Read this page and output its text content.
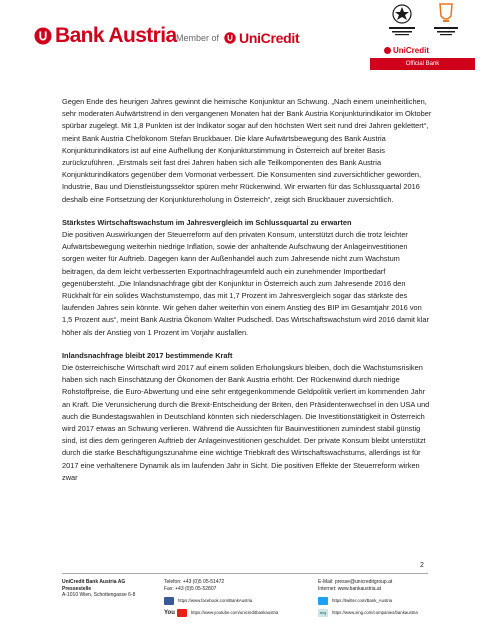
Bank Austria Member of UniCredit
UniCredit
Official Bank

Gegen Ende des heurigen Jahres gewinnt die heimische Konjunktur an Schwung. „Nach einem uneinheitlichen, sehr moderaten Aufwärtstrend in den vergangenen Monaten hat der Bank Austria Konjunkturindikator im Oktober spürbar zugelegt. Mit 1,8 Punkten ist der Indikator sogar auf den höchsten Wert seit rund drei Jahren geklettert“, meint Bank Austria Chefökonom Stefan Bruckbauer. Die klare Aufwärtsbewegung des Bank Austria Konjunkturindikators ist auf eine Aufhellung der Konjunkturstimmung in Österreich auf breiter Basis zurückzuführen. „Erstmals seit fast drei Jahren haben sich alle Teilkomponenten des Bank Austria Konjunkturindikators gegenüber dem Vormonat verbessert. Die Konsumenten sind zuversichtlicher geworden, Industrie, Bau und Dienstleistungssektor spüren mehr Rückenwind. Wir erwarten für das Schlussquartal 2016 deshalb eine Fortsetzung der Konjunkturerholung in Österreich“, zeigt sich Bruckbauer zuversichtlich.

Stärkstes Wirtschaftswachstum im Jahresvergleich im Schlussquartal zu erwarten

Die positiven Auswirkungen der Steuerreform auf den privaten Konsum, unterstützt durch die trotz leichter Aufwärtsbewegung weiterhin niedrige Inflation, sowie der anhaltende Aufschwung der Anlageinvestitionen sorgen weiter für Auftrieb. Dagegen kann der Außenhandel auch zum Jahresende nicht zum Wachstum beitragen, da dem leicht verbesserten Exportnachfrageumfeld auch ein zunehmender Importbedarf gegenübersteht. „Die Inlandsnachfrage gibt der Konjunktur in Österreich auch zum Jahresende 2016 den Rückhalt für ein solides Wachstumstempo, das mit 1,7 Prozent im Jahresvergleich sogar das stärkste des laufenden Jahres sein könnte. Wir gehen daher weiterhin von einem Anstieg des BIP im Gesamtjahr 2016 von 1,5 Prozent aus“, meint Bank Austria Ökonom Walter Pudschedl. Das Wirtschaftswachstum wird 2016 damit klar höher als der Anstieg von 1 Prozent im Vorjahr ausfallen.

Inlandsnachfrage bleibt 2017 bestimmende Kraft

Die österreichische Wirtschaft wird 2017 auf einem soliden Erholungskurs bleiben, doch die Wachstumsrisiken haben sich nach Einschätzung der Ökonomen der Bank Austria erhöht. Der Rückenwind durch niedrige Rohstoffpreise, die Euro-Abwertung und eine sehr entgegenkommende Geldpolitik verliert im kommenden Jahr an Kraft. Die Verunsicherung durch die Brexit-Entscheidung der Briten, den Präsidentenwechsel in den USA und auch die Bundestagswahlen in Deutschland könnten sich niederschlagen. Die Investitionstätigkeit in Österreich wird 2017 etwas an Schwung verlieren. Während die Aussichten für Bauinvestitionen zumindest stabil günstig sind, ist dies dem geringeren Auftrieb der Anlageinvestitionen geschuldet. Der private Konsum bleibt unterstützt durch die starke Beschäftigungszunahme eine wichtige Triebkraft des Wirtschaftswachstums, allerdings ist für 2017 eine verhaltenere Dynamik als im laufenden Jahr in Sicht. Die positiven Effekte der Steuerreform wirken zwar

2
UniCredit Bank Austria AG
Pressestelle
A-1010 Wien, Schottengasse 6-8
Telefon: +43 (0)5 05-51472
Fax: +43 (0)5 05-52807
https://www.facebook.com/BankAustria
You	https://www.youtube.com/unicreditbankaustria
E-Mail: presse@unicreditgroup.at
Internet: www.bankaustria.at
https://twitter.com/Bank_Austria
xing	https://www.xing.com/companies/bankaustria
